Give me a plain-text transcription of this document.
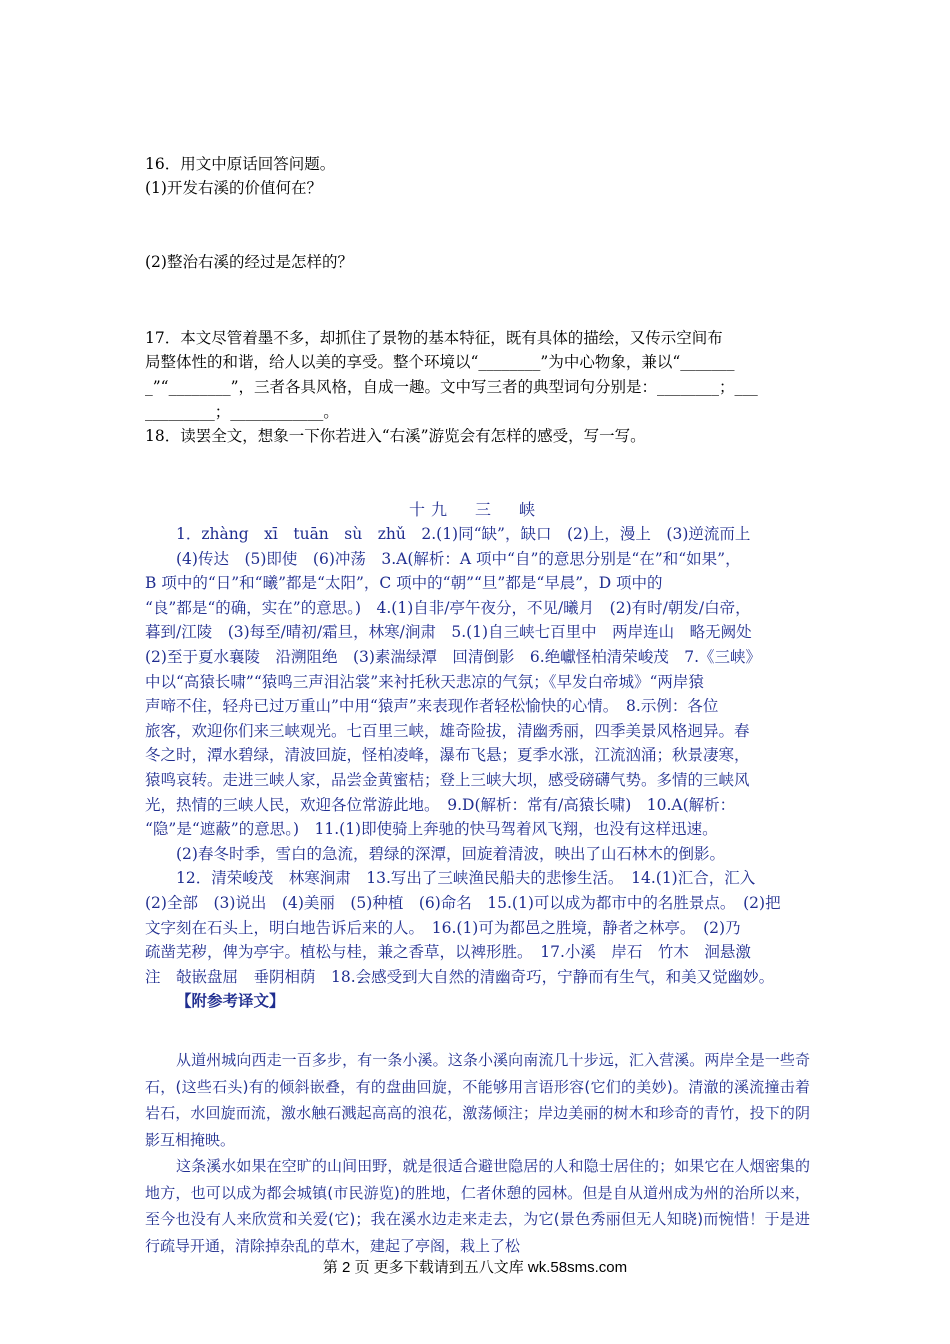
16．用文中原话回答问题。
(1)开发右溪的价值何在？
(2)整治右溪的经过是怎样的？
17．本文尽管着墨不多，却抓住了景物的基本特征，既有具体的描绘，又传示空间布
局整体性的和谐，给人以美的享受。整个环境以“________”为中心物象，兼以“_______
_”“________”，三者各具风格，自成一趣。文中写三者的典型词句分别是：________；___
_________；____________。
18．读罢全文，想象一下你若进入“右溪”游览会有怎样的感受，写一写。
十九　三　峡

1．zhàng　xī　tuān　sù　zhǔ　2.(1)同“缺”，缺口　(2)上，漫上　(3)逆流而上

(4)传达　(5)即使　(6)冲荡　3.A(解析：A 项中“自”的意思分别是“在”和“如果”，

B 项中的“日”和“曦”都是“太阳”，C 项中的“朝”“旦”都是“早晨”，D 项中的

“良”都是“的确，实在”的意思。)　4.(1)自非/亭午夜分，不见/曦月　(2)有时/朝发/白帝，

暮到/江陵　(3)每至/晴初/霜旦，林寒/涧肃　5.(1)自三峡七百里中　两岸连山　略无阙处

(2)至于夏水襄陵　沿溯阻绝　(3)素湍绿潭　回清倒影　6.绝巘怪柏清荣峻茂　7.《三峡》

中以“高猿长啸”“猿鸣三声泪沾裳”来衬托秋天悲凉的气氛；《早发白帝城》“两岸猿

声啼不住，轻舟已过万重山”中用“猿声”来表现作者轻松愉快的心情。　8.示例：各位

旅客，欢迎你们来三峡观光。七百里三峡，雄奇险拔，清幽秀丽，四季美景风格迥异。春

冬之时，潭水碧绿，清波回旋，怪柏凌峰，瀑布飞悬；夏季水涨，江流汹涌；秋景凄寒，

猿鸣哀转。走进三峡人家，品尝金黄蜜桔；登上三峡大坝，感受磅礴气势。多情的三峡风

光，热情的三峡人民，欢迎各位常游此地。　9.D(解析：常有/高猿长啸)　10.A(解析：

“隐”是“遮蔽”的意思。)　11.(1)即使骑上奔驰的快马驾着风飞翔，也没有这样迅速。

(2)春冬时季，雪白的急流，碧绿的深潭，回旋着清波，映出了山石林木的倒影。

12．清荣峻茂　林寒涧肃　13.写出了三峡渔民船夫的悲惨生活。　14.(1)汇合，汇入

(2)全部　(3)说出　(4)美丽　(5)种植　(6)命名　15.(1)可以成为都市中的名胜景点。　(2)把

文字刻在石头上，明白地告诉后来的人。　16.(1)可为都邑之胜境，静者之林亭。　(2)乃

疏凿芜秽，俾为亭宇。植松与桂，兼之香草，以裨形胜。　17.小溪　岸石　竹木　洄悬激

注　敧嵌盘屈　垂阴相荫　18.会感受到大自然的清幽奇巧，宁静而有生气，和美又觉幽妙。

【附参考译文】

从道州城向西走一百多步，有一条小溪。这条小溪向南流几十步远，汇入营溪。两岸全是一些奇石，(这些石头)有的倾斜嵌叠，有的盘曲回旋，不能够用言语形容(它们的美妙)。清澈的溪流撞击着岩石，水回旋而流，激水触石溅起高高的浪花，激荡倾注；岸边美丽的树木和珍奇的青竹，投下的阴影互相掩映。

这条溪水如果在空旷的山间田野，就是很适合避世隐居的人和隐士居住的；如果它在人烟密集的地方，也可以成为都会城镇(市民游览)的胜地，仁者休憩的园林。但是自从道州成为州的治所以来，至今也没有人来欣赏和关爱(它)；我在溪水边走来走去，为它(景色秀丽但无人知晓)而惋惜！于是进行疏导开通，清除掉杂乱的草木，建起了亭阁，栽上了松

第 2 页 更多下载请到五八文库 wk.58sms.com
